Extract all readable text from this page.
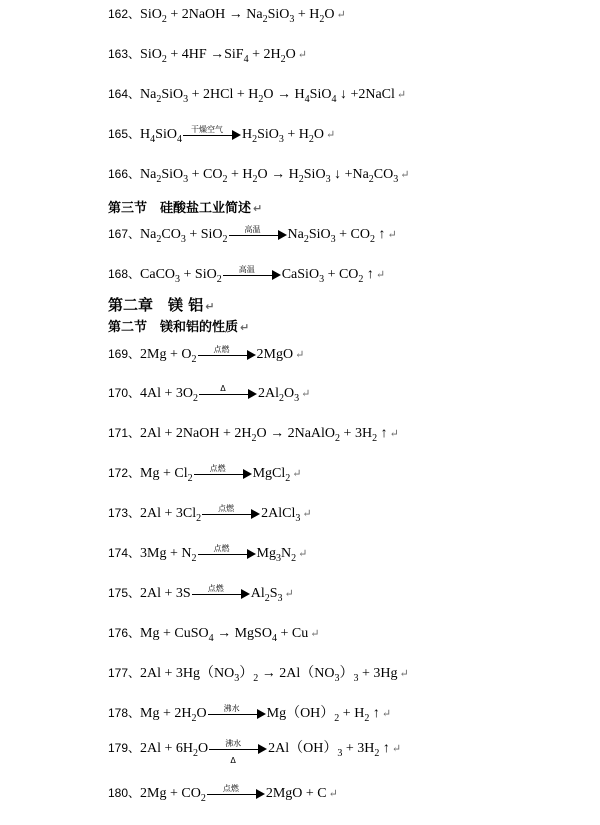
162、SiO$_2$ + 2NaOH → $Na_2SiO_3 + H_2O$ ↵
163、$SiO_2 + 4HF \to SiF_4 + 2H_2O$ ↵
164、$Na_2SiO_3 + 2HCl + H_2O \to H_4SiO_4$ ↓ +2NaCl ↵
165、$H_4SiO_4$
干燥空气	$H_2SiO_3 + H_2O$ ↵
166、$Na_2SiO_3 + CO_2 + H_2O \to H_2SiO_3$ ↓ $+Na_2CO_3$ ↵
第三节　硅酸盐工业简述 ↵
167、$Na_2CO_3 + SiO_2$
高温	$Na_2SiO_3 + CO_2$ ↑ ↵
168、CaCO$_3$ + SiO$_2$
高温	CaSiO$_3$ + $CO_2$ ↑ ↵
第二章　镁 铝 ↵
第二节　镁和铝的性质 ↵
169、$2Mg + O_2$
点燃	2MgO ↵
170、$4Al + 3O_2$
Δ	$2Al_2O_3$ ↵
171、2Al + 2NaOH + $2H_2O$ → 2NaAlO$_2$ + $3H_2$ ↑ ↵
172、$Mg + Cl_2$
点燃	MgCl$_2$ ↵
173、$2Al + 3Cl_2$
点燃	2AlCl$_3$ ↵
174、$3Mg + N_2$
点燃	$Mg_3N_2$ ↵
175、2Al + 3S	点燃	$Al_2S_3$ ↵
176、Mg + CuSO$_4$ → MgSO$_4$ + Cu ↵
177、$2Al + 3Hg(NO_3)_2 \to 2Al(NO_3)_3 + 3Hg$ ↵
178、$Mg + 2H_2O$	沸水	$Mg(OH)_2 + H_2$ ↑ ↵
179、$2Al + 6H_2O$	沸水
Δ
$2Al(OH)_3 + 3H_2$ ↑ ↵
180、$2Mg + CO_2$
点燃	2MgO + C ↵
